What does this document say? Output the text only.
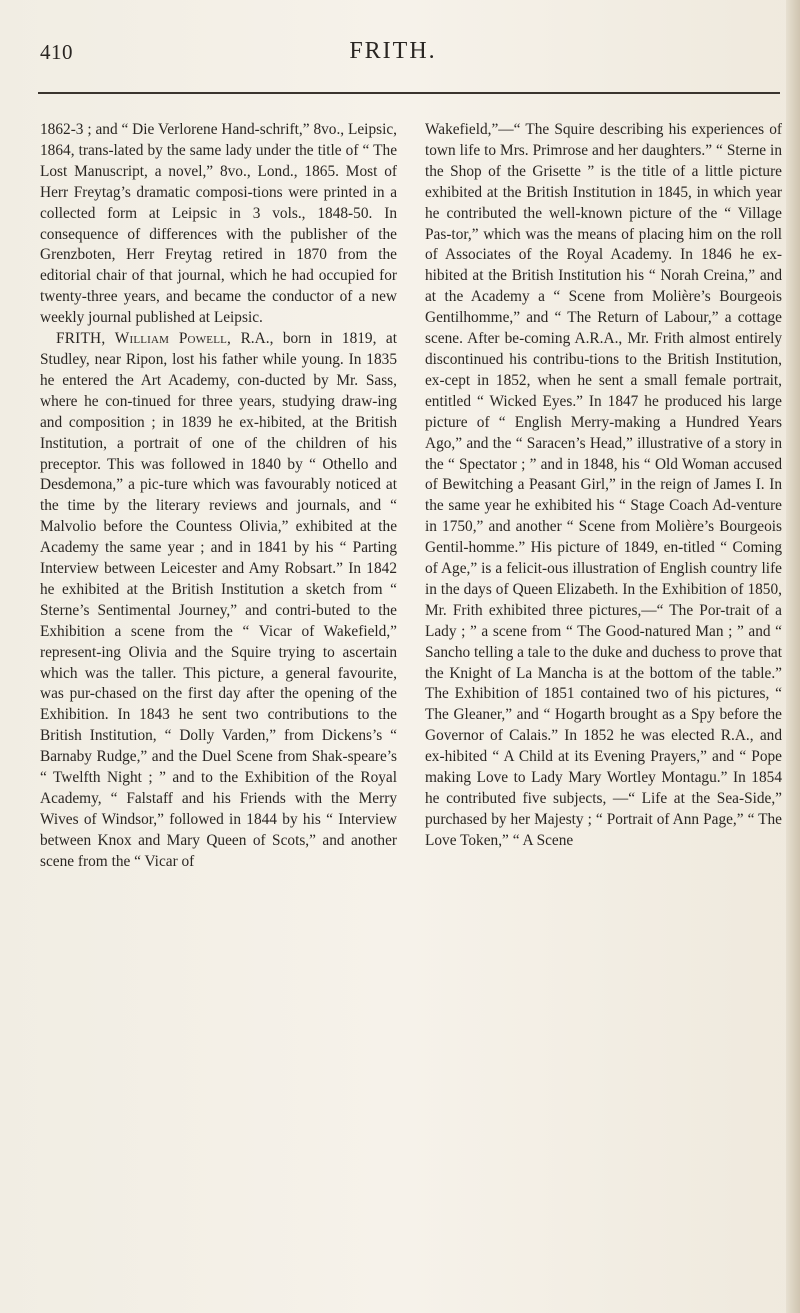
410	FRITH.

1862-3 ; and “ Die Verlorene Hand-schrift,” 8vo., Leipsic, 1864, trans-lated by the same lady under the title of “ The Lost Manuscript, a novel,” 8vo., Lond., 1865. Most of Herr Freytag’s dramatic composi-tions were printed in a collected form at Leipsic in 3 vols., 1848-50. In consequence of differences with the publisher of the Grenzboten, Herr Freytag retired in 1870 from the editorial chair of that journal, which he had occupied for twenty-three years, and became the conductor of a new weekly journal published at Leipsic.

FRITH, William Powell, R.A., born in 1819, at Studley, near Ripon, lost his father while young. In 1835 he entered the Art Academy, con-ducted by Mr. Sass, where he con-tinued for three years, studying draw-ing and composition ; in 1839 he ex-hibited, at the British Institution, a portrait of one of the children of his preceptor. This was followed in 1840 by “ Othello and Desdemona,” a pic-ture which was favourably noticed at the time by the literary reviews and journals, and “ Malvolio before the Countess Olivia,” exhibited at the Academy the same year ; and in 1841 by his “ Parting Interview between Leicester and Amy Robsart.” In 1842 he exhibited at the British Institution a sketch from “ Sterne’s Sentimental Journey,” and contri-buted to the Exhibition a scene from the “ Vicar of Wakefield,” represent-ing Olivia and the Squire trying to ascertain which was the taller. This picture, a general favourite, was pur-chased on the first day after the opening of the Exhibition. In 1843 he sent two contributions to the British Institution, “ Dolly Varden,” from Dickens’s “ Barnaby Rudge,” and the Duel Scene from Shak-speare’s “ Twelfth Night ; ” and to the Exhibition of the Royal Academy, “ Falstaff and his Friends with the Merry Wives of Windsor,” followed in 1844 by his “ Interview between Knox and Mary Queen of Scots,” and another scene from the “ Vicar of

Wakefield,”—“ The Squire describing his experiences of town life to Mrs. Primrose and her daughters.” “ Sterne in the Shop of the Grisette ” is the title of a little picture exhibited at the British Institution in 1845, in which year he contributed the well-known picture of the “ Village Pas-tor,” which was the means of placing him on the roll of Associates of the Royal Academy. In 1846 he ex-hibited at the British Institution his “ Norah Creina,” and at the Academy a “ Scene from Molière’s Bourgeois Gentilhomme,” and “ The Return of Labour,” a cottage scene. After be-coming A.R.A., Mr. Frith almost entirely discontinued his contribu-tions to the British Institution, ex-cept in 1852, when he sent a small female portrait, entitled “ Wicked Eyes.” In 1847 he produced his large picture of “ English Merry-making a Hundred Years Ago,” and the “ Saracen’s Head,” illustrative of a story in the “ Spectator ; ” and in 1848, his “ Old Woman accused of Bewitching a Peasant Girl,” in the reign of James I. In the same year he exhibited his “ Stage Coach Ad-venture in 1750,” and another “ Scene from Molière’s Bourgeois Gentil-homme.” His picture of 1849, en-titled “ Coming of Age,” is a felicit-ous illustration of English country life in the days of Queen Elizabeth. In the Exhibition of 1850, Mr. Frith exhibited three pictures,—“ The Por-trait of a Lady ; ” a scene from “ The Good-natured Man ; ” and “ Sancho telling a tale to the duke and duchess to prove that the Knight of La Mancha is at the bottom of the table.” The Exhibition of 1851 contained two of his pictures, “ The Gleaner,” and “ Hogarth brought as a Spy before the Governor of Calais.” In 1852 he was elected R.A., and ex-hibited “ A Child at its Evening Prayers,” and “ Pope making Love to Lady Mary Wortley Montagu.” In 1854 he contributed five subjects, —“ Life at the Sea-Side,” purchased by her Majesty ; “ Portrait of Ann Page,” “ The Love Token,” “ A Scene
